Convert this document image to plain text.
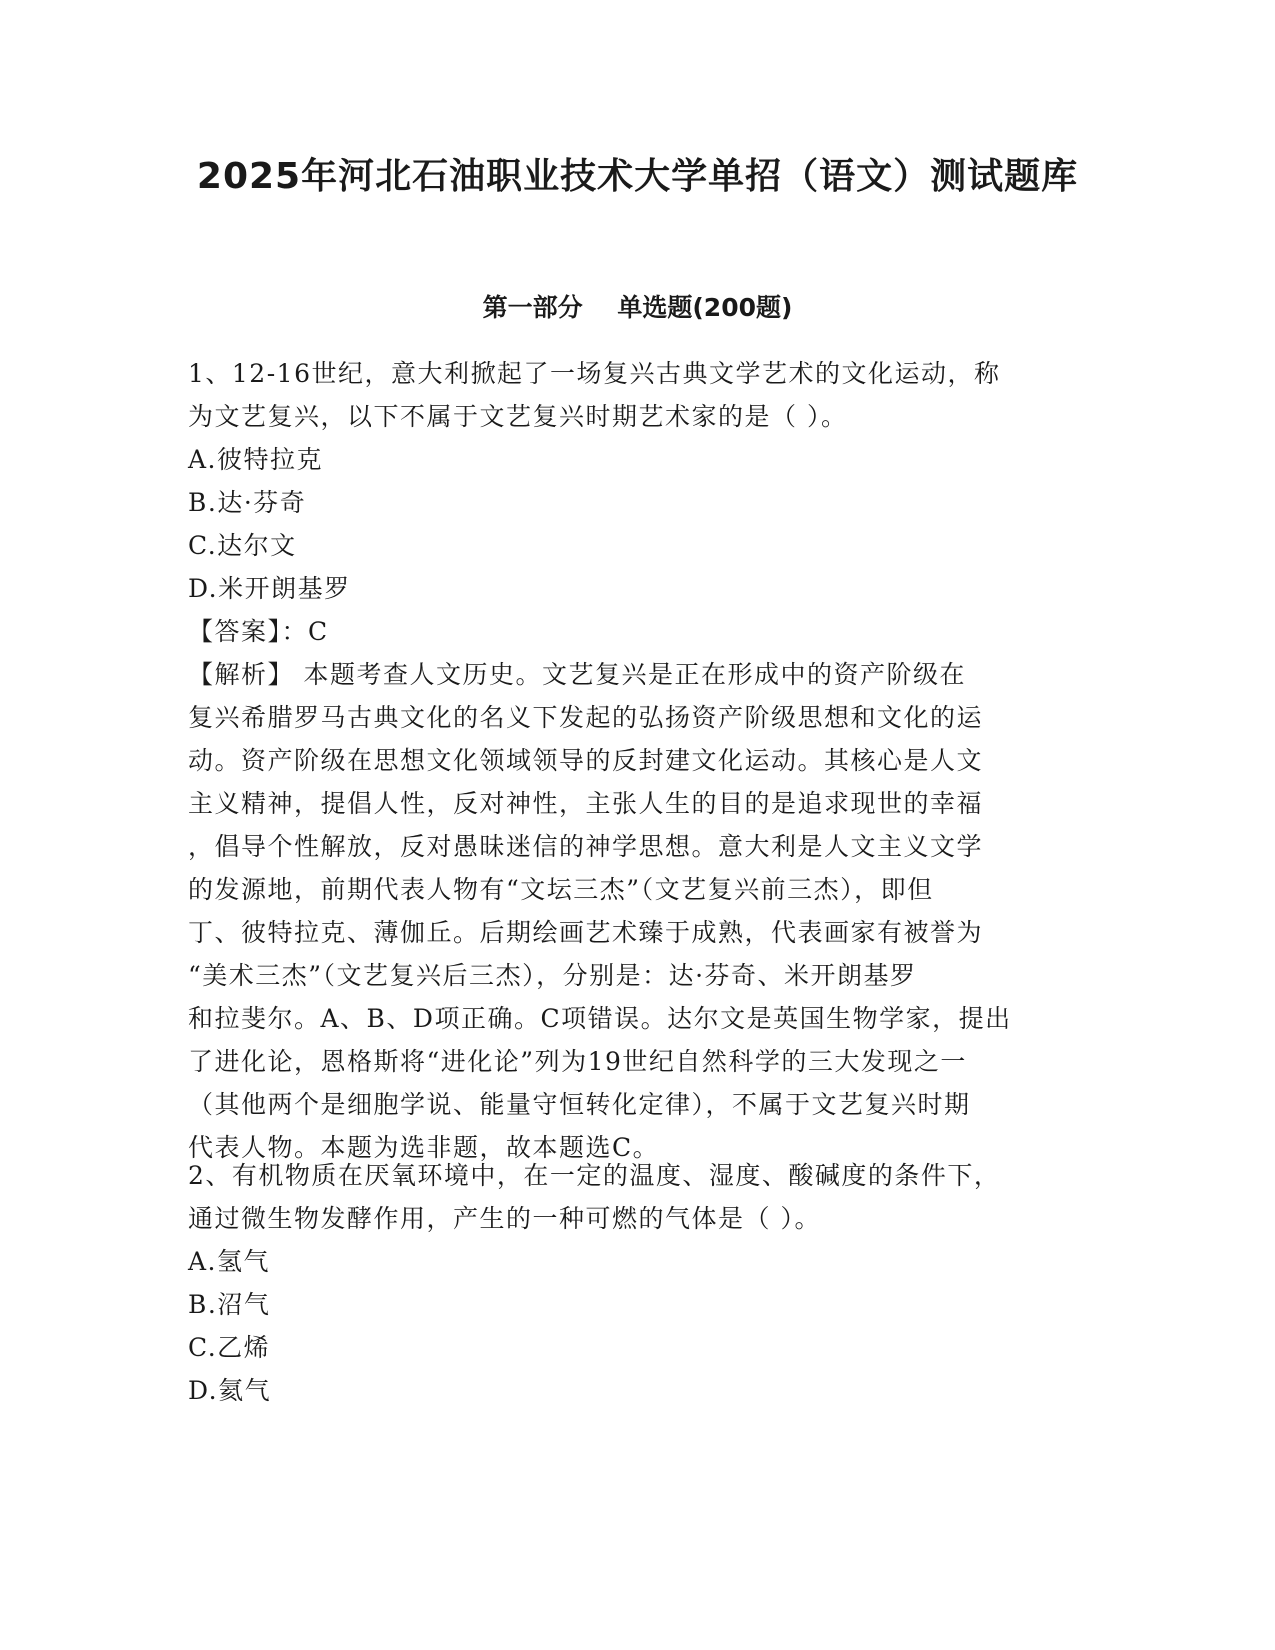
2025年河北石油职业技术大学单招（语文）测试题库
第一部分    单选题(200题)
1、12-16世纪，意大利掀起了一场复兴古典文学艺术的文化运动，称
为文艺复兴，以下不属于文艺复兴时期艺术家的是（ ）。
A.彼特拉克
B.达·芬奇
C.达尔文
D.米开朗基罗
【答案】：C
【解析】 本题考查人文历史。文艺复兴是正在形成中的资产阶级在
复兴希腊罗马古典文化的名义下发起的弘扬资产阶级思想和文化的运
动。资产阶级在思想文化领域领导的反封建文化运动。其核心是人文
主义精神，提倡人性，反对神性，主张人生的目的是追求现世的幸福
，倡导个性解放，反对愚昧迷信的神学思想。意大利是人文主义文学
的发源地，前期代表人物有“文坛三杰”（文艺复兴前三杰），即但
丁、彼特拉克、薄伽丘。后期绘画艺术臻于成熟，代表画家有被誉为
“美术三杰”（文艺复兴后三杰），分别是：达·芬奇、米开朗基罗
和拉斐尔。A、B、D项正确。C项错误。达尔文是英国生物学家，提出
了进化论，恩格斯将“进化论”列为19世纪自然科学的三大发现之一
（其他两个是细胞学说、能量守恒转化定律），不属于文艺复兴时期
代表人物。本题为选非题，故本题选C。
2、有机物质在厌氧环境中，在一定的温度、湿度、酸碱度的条件下，
通过微生物发酵作用，产生的一种可燃的气体是（ ）。
A.氢气
B.沼气
C.乙烯
D.氦气
